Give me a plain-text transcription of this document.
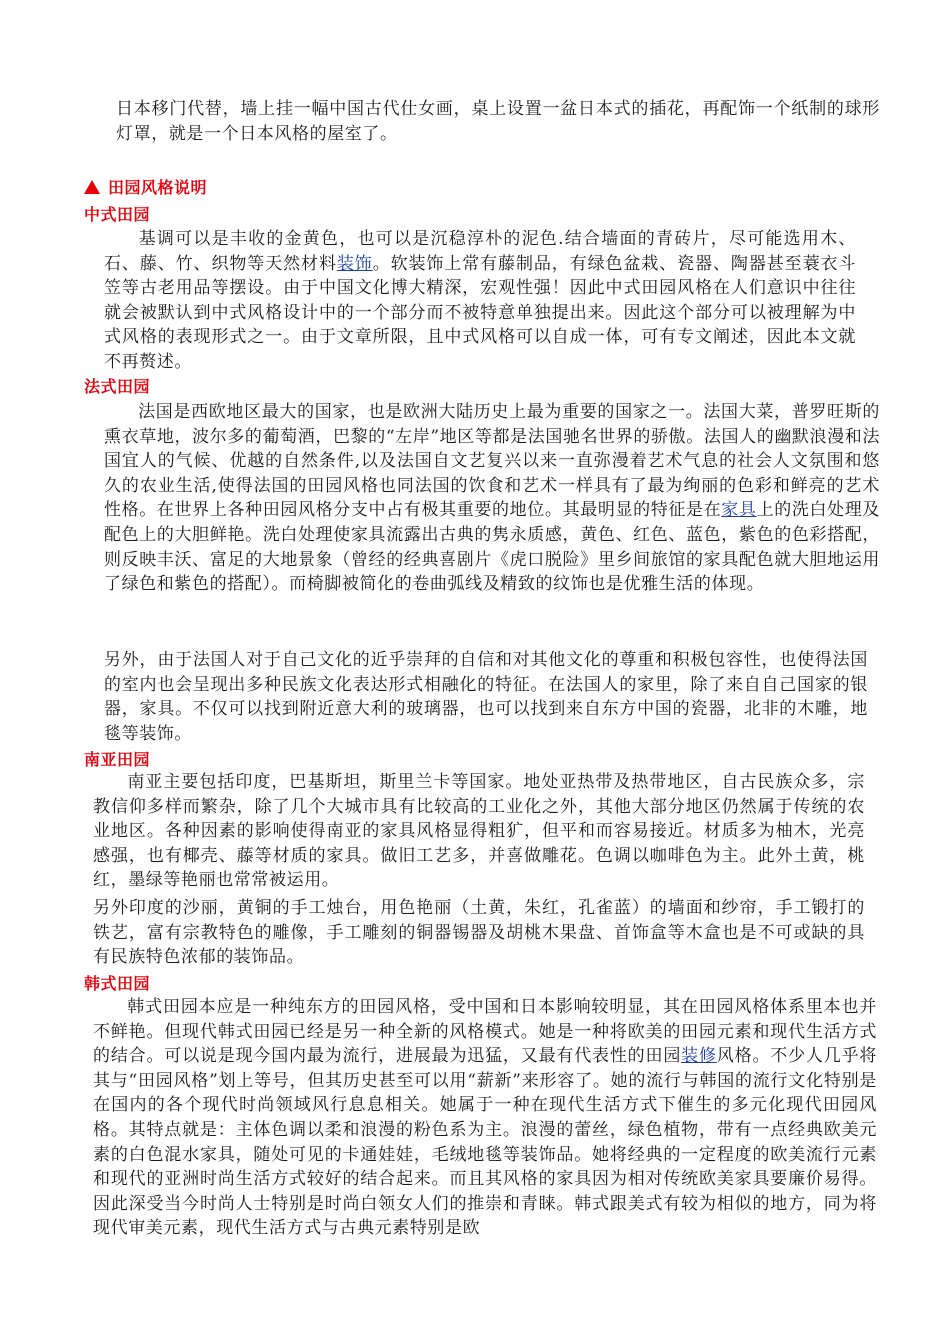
日本移门代替，墙上挂一幅中国古代仕女画，桌上设置一盆日本式的插花，再配饰一个纸制的球形灯罩，就是一个日本风格的屋室了。

田园风格说明
中式田园

基调可以是丰收的金黄色，也可以是沉稳淳朴的泥色.结合墙面的青砖片，尽可能选用木、石、藤、竹、织物等天然材料装饰。软装饰上常有藤制品，有绿色盆栽、瓷器、陶器甚至蓑衣斗笠等古老用品等摆设。由于中国文化博大精深，宏观性强！因此中式田园风格在人们意识中往往就会被默认到中式风格设计中的一个部分而不被特意单独提出来。因此这个部分可以被理解为中式风格的表现形式之一。由于文章所限，且中式风格可以自成一体，可有专文阐述，因此本文就不再赘述。

法式田园

法国是西欧地区最大的国家，也是欧洲大陆历史上最为重要的国家之一。法国大菜，普罗旺斯的熏衣草地，波尔多的葡萄酒，巴黎的“左岸”地区等都是法国驰名世界的骄傲。法国人的幽默浪漫和法国宜人的气候、优越的自然条件,以及法国自文艺复兴以来一直弥漫着艺术气息的社会人文氛围和悠久的农业生活,使得法国的田园风格也同法国的饮食和艺术一样具有了最为绚丽的色彩和鲜亮的艺术性格。在世界上各种田园风格分支中占有极其重要的地位。其最明显的特征是在家具上的洗白处理及配色上的大胆鲜艳。洗白处理使家具流露出古典的隽永质感，黄色、红色、蓝色，紫色的色彩搭配，则反映丰沃、富足的大地景象（曾经的经典喜剧片《虎口脱险》里乡间旅馆的家具配色就大胆地运用了绿色和紫色的搭配）。而椅脚被简化的卷曲弧线及精致的纹饰也是优雅生活的体现。

另外，由于法国人对于自己文化的近乎崇拜的自信和对其他文化的尊重和积极包容性，也使得法国的室内也会呈现出多种民族文化表达形式相融化的特征。在法国人的家里，除了来自自己国家的银器，家具。不仅可以找到附近意大利的玻璃器，也可以找到来自东方中国的瓷器，北非的木雕，地毯等装饰。

南亚田园

南亚主要包括印度，巴基斯坦，斯里兰卡等国家。地处亚热带及热带地区，自古民族众多，宗教信仰多样而繁杂，除了几个大城市具有比较高的工业化之外，其他大部分地区仍然属于传统的农业地区。各种因素的影响使得南亚的家具风格显得粗犷，但平和而容易接近。材质多为柚木，光亮感强，也有椰壳、藤等材质的家具。做旧工艺多，并喜做雕花。色调以咖啡色为主。此外土黄，桃红，墨绿等艳丽也常常被运用。

另外印度的沙丽，黄铜的手工烛台，用色艳丽（土黄，朱红，孔雀蓝）的墙面和纱帘，手工锻打的铁艺，富有宗教特色的雕像，手工雕刻的铜器锡器及胡桃木果盘、首饰盒等木盒也是不可或缺的具有民族特色浓郁的装饰品。

韩式田园

韩式田园本应是一种纯东方的田园风格，受中国和日本影响较明显，其在田园风格体系里本也并不鲜艳。但现代韩式田园已经是另一种全新的风格模式。她是一种将欧美的田园元素和现代生活方式的结合。可以说是现今国内最为流行，进展最为迅猛，又最有代表性的田园装修风格。不少人几乎将其与“田园风格”划上等号，但其历史甚至可以用“薪新”来形容了。她的流行与韩国的流行文化特别是在国内的各个现代时尚领域风行息息相关。她属于一种在现代生活方式下催生的多元化现代田园风格。其特点就是：主体色调以柔和浪漫的粉色系为主。浪漫的蕾丝，绿色植物，带有一点经典欧美元素的白色混水家具，随处可见的卡通娃娃，毛绒地毯等装饰品。她将经典的一定程度的欧美流行元素和现代的亚洲时尚生活方式较好的结合起来。而且其风格的家具因为相对传统欧美家具要廉价易得。因此深受当今时尚人士特别是时尚白领女人们的推崇和青睐。韩式跟美式有较为相似的地方，同为将现代审美元素，现代生活方式与古典元素特别是欧
